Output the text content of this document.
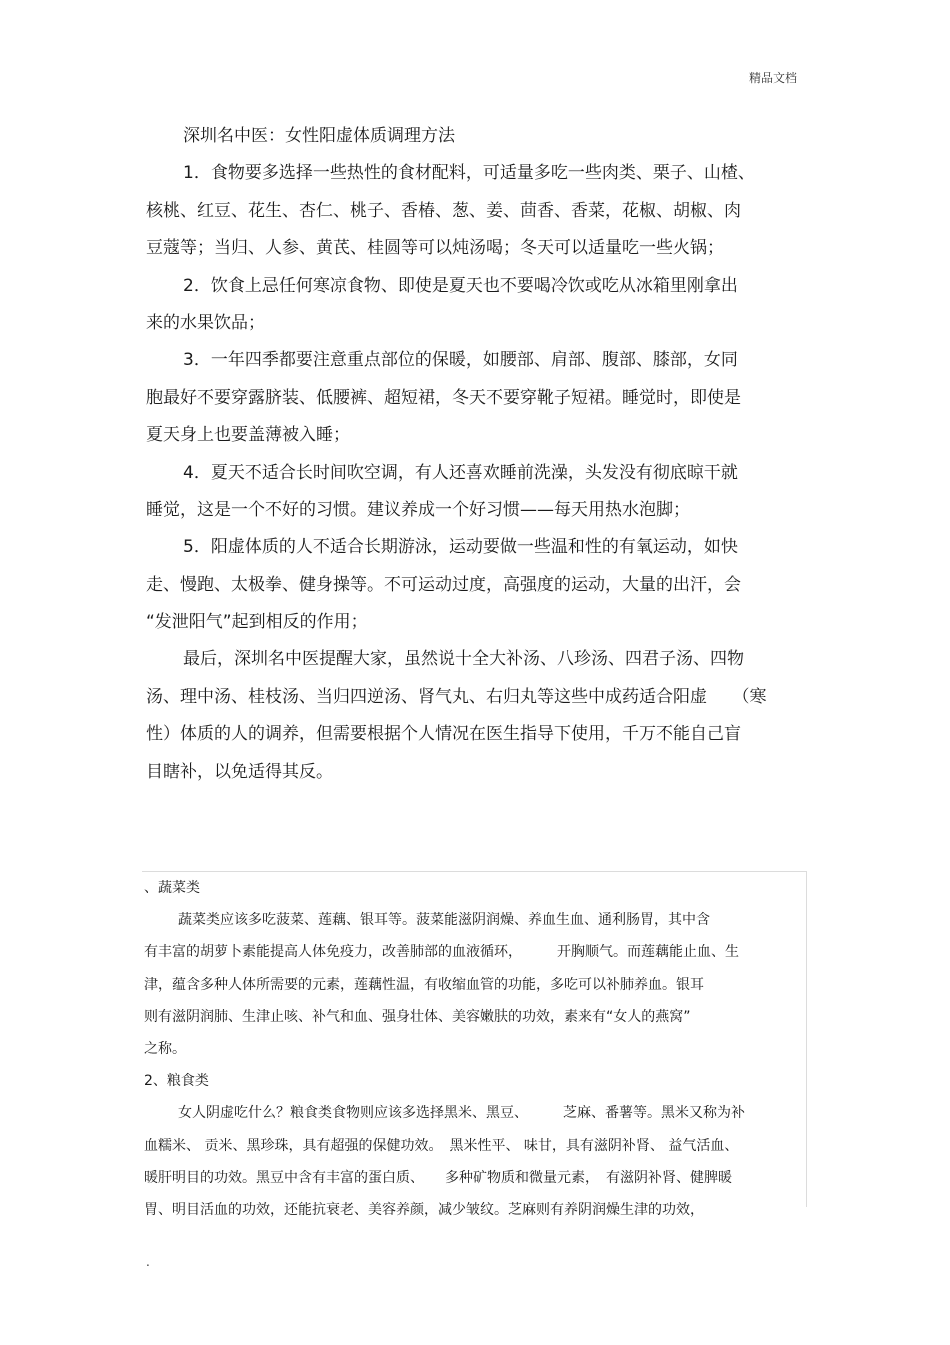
精品文档
深圳名中医：女性阳虚体质调理方法
1．食物要多选择一些热性的食材配料，可适量多吃一些肉类、栗子、山楂、
核桃、红豆、花生、杏仁、桃子、香椿、葱、姜、茴香、香菜，花椒、胡椒、肉
豆蔻等；当归、人参、黄芪、桂圆等可以炖汤喝；冬天可以适量吃一些火锅；
2．饮食上忌任何寒凉食物、即使是夏天也不要喝冷饮或吃从冰箱里刚拿出
来的水果饮品；
3．一年四季都要注意重点部位的保暖，如腰部、肩部、腹部、膝部，女同
胞最好不要穿露脐装、低腰裤、超短裙，冬天不要穿靴子短裙。睡觉时，即使是
夏天身上也要盖薄被入睡；
4．夏天不适合长时间吹空调，有人还喜欢睡前洗澡，头发没有彻底晾干就
睡觉，这是一个不好的习惯。建议养成一个好习惯——每天用热水泡脚；
5．阳虚体质的人不适合长期游泳，运动要做一些温和性的有氧运动，如快
走、慢跑、太极拳、健身操等。不可运动过度，高强度的运动，大量的出汗，会
“发泄阳气”起到相反的作用；
最后，深圳名中医提醒大家，虽然说十全大补汤、八珍汤、四君子汤、四物
汤、理中汤、桂枝汤、当归四逆汤、肾气丸、右归丸等这些中成药适合阳虚　　（寒
性）体质的人的调养，但需要根据个人情况在医生指导下使用，千万不能自己盲
目瞎补，以免适得其反。
、蔬菜类
蔬菜类应该多吃菠菜、莲藕、银耳等。菠菜能滋阴润燥、养血生血、通利肠胃，其中含
有丰富的胡萝卜素能提高人体免疫力，改善肺部的血液循环，　　　开胸顺气。而莲藕能止血、生
津，蕴含多种人体所需要的元素，莲藕性温，有收缩血管的功能，多吃可以补肺养血。银耳
则有滋阴润肺、生津止咳、补气和血、强身壮体、美容嫩肤的功效，素来有“女人的燕窝”
之称。
2、粮食类
女人阴虚吃什么？粮食类食物则应该多选择黑米、黑豆、　　　芝麻、番薯等。黑米又称为补
血糯米、 贡米、黑珍珠，具有超强的保健功效。　黑米性平、 味甘，具有滋阴补肾、 益气活血、
暖肝明目的功效。黑豆中含有丰富的蛋白质、　　多种矿物质和微量元素，　有滋阴补肾、健脾暖
胃、明目活血的功效，还能抗衰老、美容养颜，减少皱纹。芝麻则有养阴润燥生津的功效，
.
